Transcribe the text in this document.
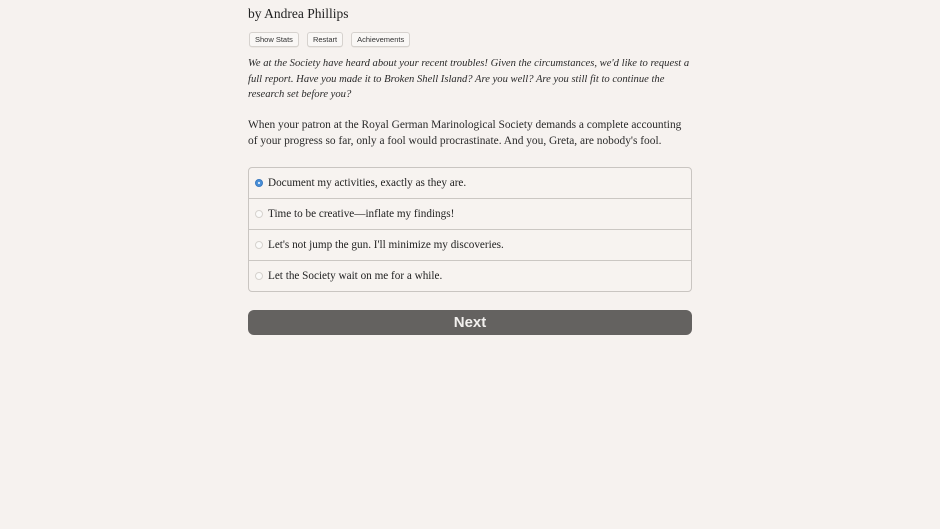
by Andrea Phillips
Show Stats	Restart	Achievements
We at the Society have heard about your recent troubles! Given the circumstances, we'd like to request a full report. Have you made it to Broken Shell Island? Are you well? Are you still fit to continue the research set before you?
When your patron at the Royal German Marinological Society demands a complete accounting of your progress so far, only a fool would procrastinate. And you, Greta, are nobody's fool.
Document my activities, exactly as they are.
Time to be creative—inflate my findings!
Let's not jump the gun. I'll minimize my discoveries.
Let the Society wait on me for a while.
Next
